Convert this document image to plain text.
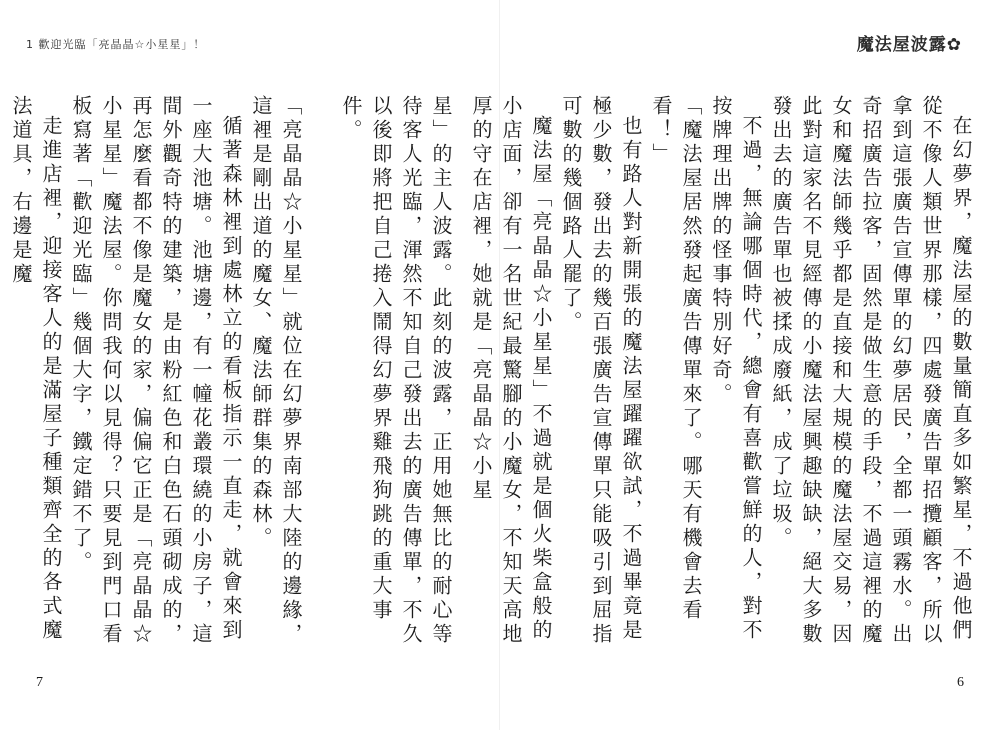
1 歡迎光臨「亮晶晶☆小星星」！

星」的主人波露。此刻的波露，正用她無比的耐心等待客人光臨，渾然不知自己發出去的廣告傳單，不久以後即將把自己捲入鬧得幻夢界雞飛狗跳的重大事件。

「亮晶晶☆小星星」就位在幻夢界南部大陸的邊緣，這裡是剛出道的魔女、魔法師群集的森林。

循著森林裡到處林立的看板指示一直走，就會來到一座大池塘。池塘邊，有一幢花叢環繞的小房子，這間外觀奇特的建築，是由粉紅色和白色石頭砌成的，再怎麼看都不像是魔女的家，偏偏它正是「亮晶晶☆小星星」魔法屋。你問我何以見得？只要見到門口看板寫著「歡迎光臨」幾個大字，鐵定錯不了。

走進店裡，迎接客人的是滿屋子種類齊全的各式魔法道具，右邊是魔

7
魔法屋波露✿

在幻夢界，魔法屋的數量簡直多如繁星，不過他們從不像人類世界那樣，四處發廣告單招攬顧客，所以拿到這張廣告宣傳單的幻夢居民，全都一頭霧水。出奇招廣告拉客，固然是做生意的手段，不過這裡的魔女和魔法師幾乎都是直接和大規模的魔法屋交易，因此對這家名不見經傳的小魔法屋興趣缺缺，絕大多數發出去的廣告單也被揉成廢紙，成了垃圾。

不過，無論哪個時代，總會有喜歡嘗鮮的人，對不按牌理出牌的怪事特別好奇。

「魔法屋居然發起廣告傳單來了。哪天有機會去看看！」

也有路人對新開張的魔法屋躍躍欲試，不過畢竟是極少數，發出去的幾百張廣告宣傳單只能吸引到屈指可數的幾個路人罷了。

魔法屋「亮晶晶☆小星星」不過就是個火柴盒般的小店面，卻有一名世紀最驚腳的小魔女，不知天高地厚的守在店裡，她就是「亮晶晶☆小星

6
